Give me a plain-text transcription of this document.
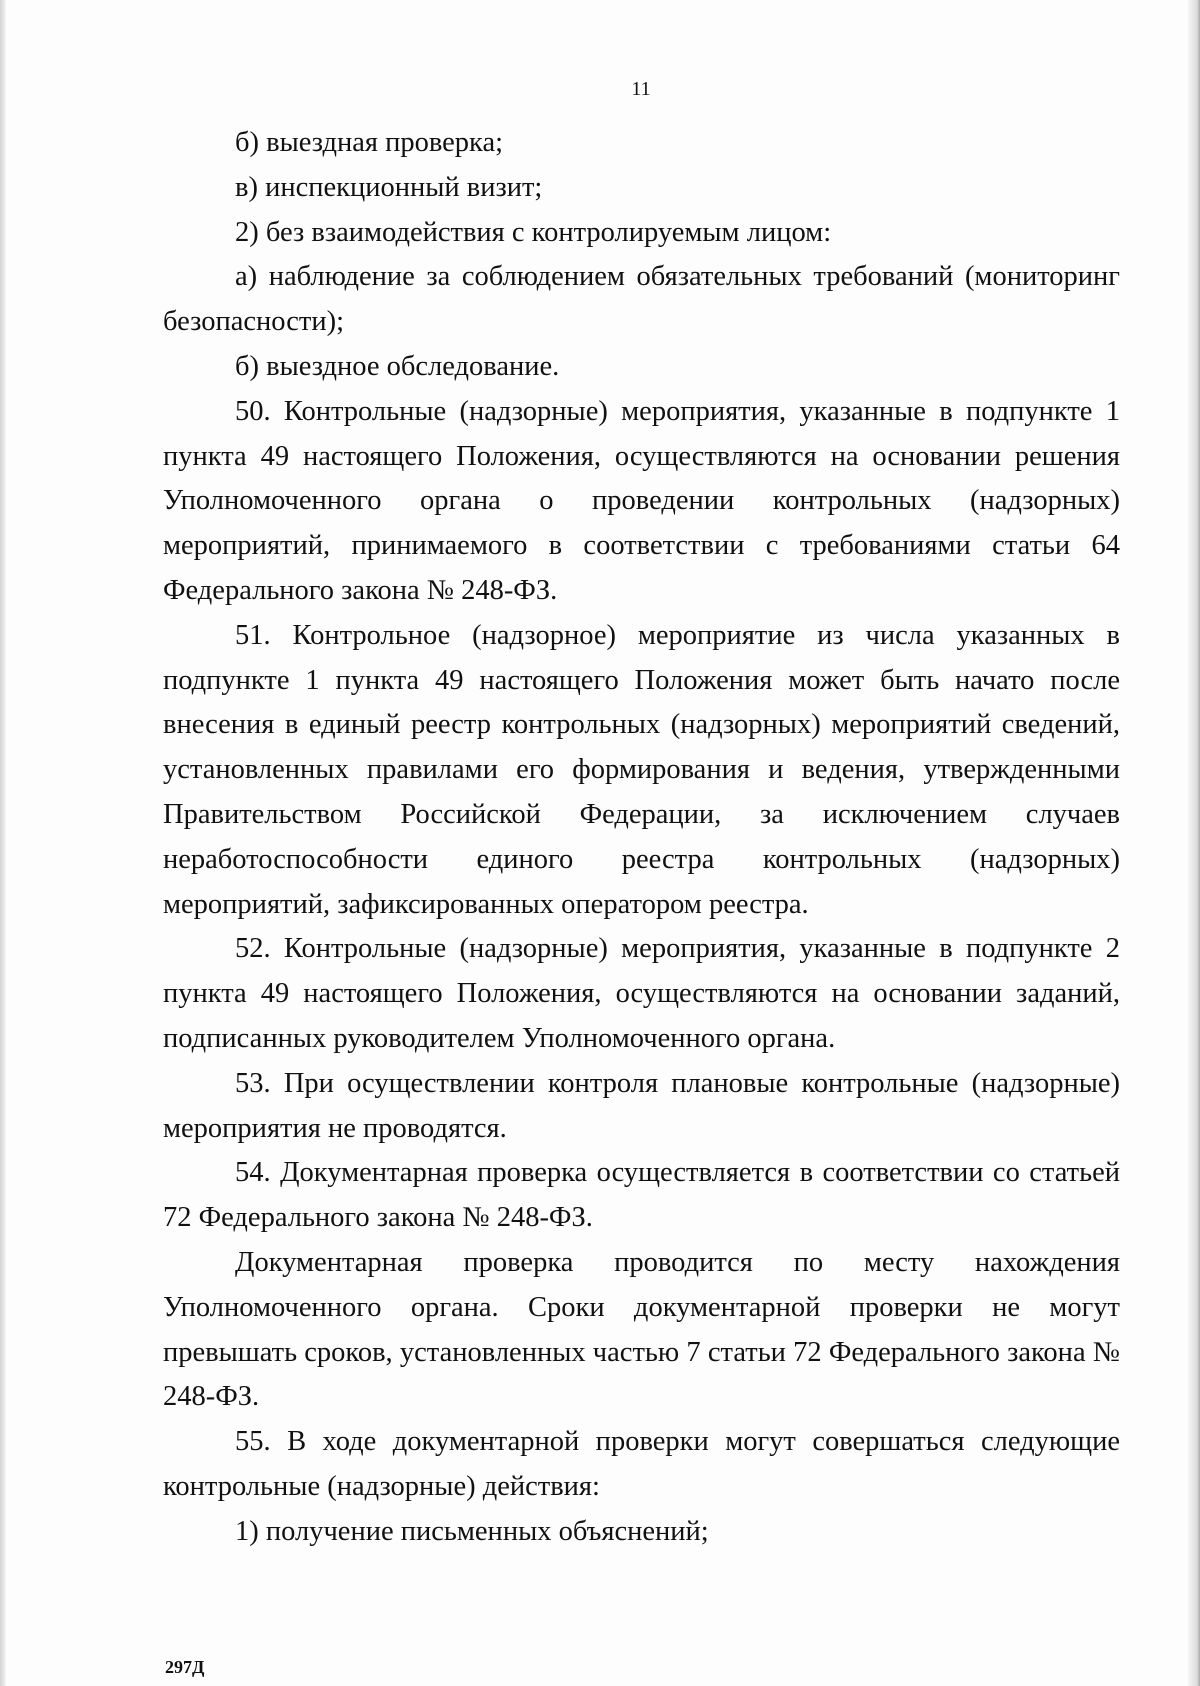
11

б) выездная проверка;

в) инспекционный визит;

2) без взаимодействия с контролируемым лицом:

а) наблюдение за соблюдением обязательных требований (мониторинг безопасности);

б) выездное обследование.

50. Контрольные (надзорные) мероприятия, указанные в подпункте 1 пункта 49 настоящего Положения, осуществляются на основании решения Уполномоченного органа о проведении контрольных (надзорных) мероприятий, принимаемого в соответствии с требованиями статьи 64 Федерального закона № 248-ФЗ.

51. Контрольное (надзорное) мероприятие из числа указанных в подпункте 1 пункта 49 настоящего Положения может быть начато после внесения в единый реестр контрольных (надзорных) мероприятий сведений, установленных правилами его формирования и ведения, утвержденными Правительством Российской Федерации, за исключением случаев неработоспособности единого реестра контрольных (надзорных) мероприятий, зафиксированных оператором реестра.

52. Контрольные (надзорные) мероприятия, указанные в подпункте 2 пункта 49 настоящего Положения, осуществляются на основании заданий, подписанных руководителем Уполномоченного органа.

53. При осуществлении контроля плановые контрольные (надзорные) мероприятия не проводятся.

54. Документарная проверка осуществляется в соответствии со статьей 72 Федерального закона № 248-ФЗ.

Документарная проверка проводится по месту нахождения Уполномоченного органа. Сроки документарной проверки не могут превышать сроков, установленных частью 7 статьи 72 Федерального закона № 248-ФЗ.

55. В ходе документарной проверки могут совершаться следующие контрольные (надзорные) действия:

1) получение письменных объяснений;

297Д
